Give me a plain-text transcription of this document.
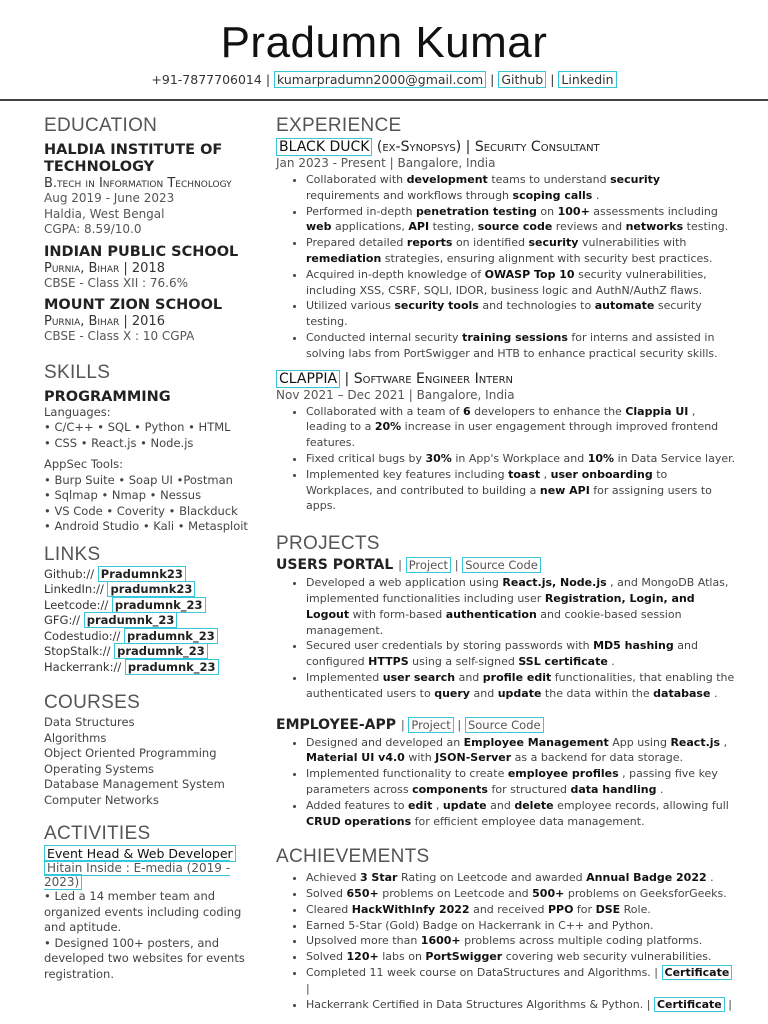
Pradumn Kumar
+91-7877706014 | kumarpradumn2000@gmail.com | Github | Linkedin
EDUCATION
HALDIA INSTITUTE OF TECHNOLOGY
B.tech in Information Technology
Aug 2019 - June 2023
Haldia, West Bengal
CGPA: 8.59/10.0
INDIAN PUBLIC SCHOOL
Purnia, Bihar | 2018
CBSE - Class XII : 76.6%
MOUNT ZION SCHOOL
Purnia, Bihar | 2016
CBSE - Class X : 10 CGPA
SKILLS
PROGRAMMING
Languages:
• C/C++ • SQL • Python • HTML
• CSS • React.js • Node.js
AppSec Tools:
• Burp Suite • Soap UI •Postman
• Sqlmap • Nmap • Nessus
• VS Code • Coverity • Blackduck
• Android Studio • Kali • Metasploit
LINKS
Github:// Pradumnk23
LinkedIn:// pradumnk23
Leetcode:// pradumnk_23
GFG:// pradumnk_23
Codestudio:// pradumnk_23
StopStalk:// pradumnk_23
Hackerrank:// pradumnk_23
COURSES
Data Structures
Algorithms
Object Oriented Programming
Operating Systems
Database Management System
Computer Networks
ACTIVITIES
Event Head & Web Developer
Hitain Inside : E-media (2019 - 2023)
• Led a 14 member team and organized events including coding and aptitude.
• Designed 100+ posters, and developed two websites for events registration.
EXPERIENCE
BLACK DUCK (ex-Synopsys) | Security Consultant
Jan 2023 - Present | Bangalore, India
• Collaborated with development teams to understand security requirements and workflows through scoping calls .
• Performed in-depth penetration testing on 100+ assessments including web applications, API testing, source code reviews and networks testing.
• Prepared detailed reports on identified security vulnerabilities with remediation strategies, ensuring alignment with security best practices.
• Acquired in-depth knowledge of OWASP Top 10 security vulnerabilities, including XSS, CSRF, SQLI, IDOR, business logic and AuthN/AuthZ flaws.
• Utilized various security tools and technologies to automate security testing.
• Conducted internal security training sessions for interns and assisted in solving labs from PortSwigger and HTB to enhance practical security skills.
CLAPPIA | Software Engineer Intern
Nov 2021 – Dec 2021 | Bangalore, India
• Collaborated with a team of 6 developers to enhance the Clappia UI , leading to a 20% increase in user engagement through improved frontend features.
• Fixed critical bugs by 30% in App's Workplace and 10% in Data Service layer.
• Implemented key features including toast , user onboarding to Workplaces, and contributed to building a new API for assigning users to apps.
PROJECTS
USERS PORTAL | Project | Source Code
• Developed a web application using React.js, Node.js , and MongoDB Atlas, implemented functionalities including user Registration, Login, and Logout with form-based authentication and cookie-based session management.
• Secured user credentials by storing passwords with MD5 hashing and configured HTTPS using a self-signed SSL certificate .
• Implemented user search and profile edit functionalities, that enabling the authenticated users to query and update the data within the database .
EMPLOYEE-APP | Project | Source Code
• Designed and developed an Employee Management App using React.js , Material UI v4.0 with JSON-Server as a backend for data storage.
• Implemented functionality to create employee profiles , passing five key parameters across components for structured data handling .
• Added features to edit , update and delete employee records, allowing full CRUD operations for efficient employee data management.
ACHIEVEMENTS
• Achieved 3 Star Rating on Leetcode and awarded Annual Badge 2022 .
• Solved 650+ problems on Leetcode and 500+ problems on GeeksforGeeks.
• Cleared HackWithInfy 2022 and received PPO for DSE Role.
• Earned 5-Star (Gold) Badge on Hackerrank in C++ and Python.
• Upsolved more than 1600+ problems across multiple coding platforms.
• Solved 120+ labs on PortSwigger covering web security vulnerabilities.
• Completed 11 week course on DataStructures and Algorithms. | Certificate |
• Hackerrank Certified in Data Structures Algorithms & Python. | Certificate |
